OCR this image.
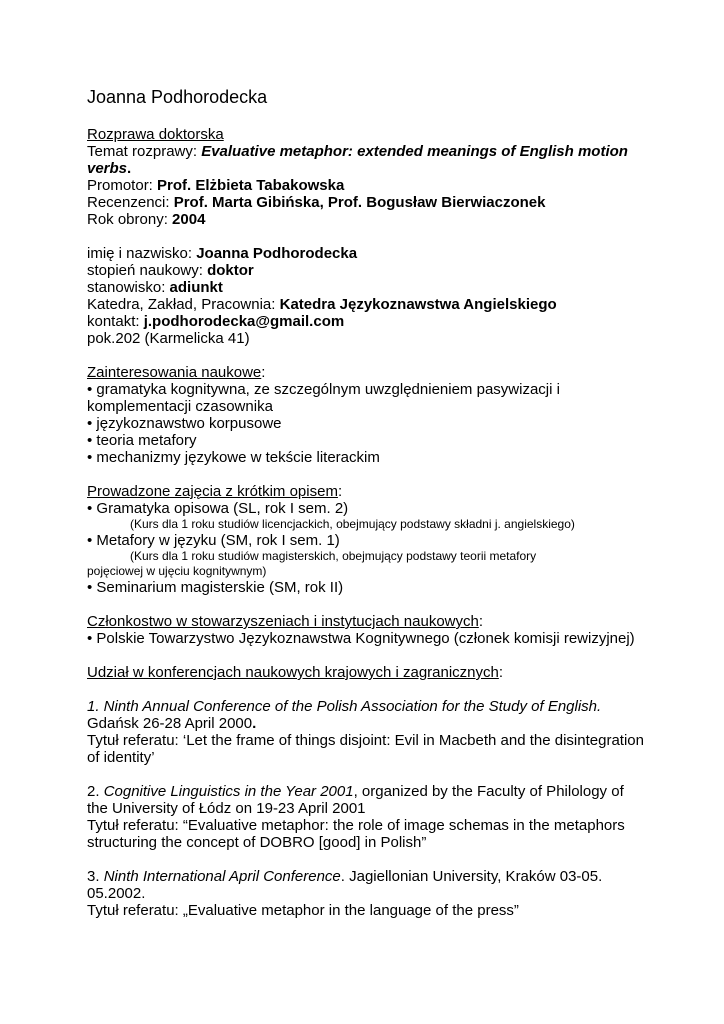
Joanna Podhorodecka

Rozprawa doktorska

Temat rozprawy: Evaluative metaphor: extended meanings of English motion verbs.

Promotor: Prof. Elżbieta Tabakowska

Recenzenci: Prof. Marta Gibińska, Prof. Bogusław Bierwiaczonek

Rok obrony: 2004

imię i nazwisko: Joanna Podhorodecka

stopień naukowy: doktor

stanowisko: adiunkt

Katedra, Zakład, Pracownia: Katedra Językoznawstwa Angielskiego

kontakt: j.podhorodecka@gmail.com

pok.202 (Karmelicka 41)

Zainteresowania naukowe:

• gramatyka kognitywna, ze szczególnym uwzględnieniem pasywizacji i komplementacji czasownika

• językoznawstwo korpusowe

• teoria metafory

• mechanizmy językowe w tekście literackim

Prowadzone zajęcia z krótkim opisem:

• Gramatyka opisowa (SL, rok I sem. 2)

(Kurs dla 1 roku studiów licencjackich, obejmujący podstawy składni j. angielskiego)

• Metafory w języku (SM, rok I sem. 1)

(Kurs dla 1 roku studiów magisterskich, obejmujący podstawy teorii metafory

pojęciowej w ujęciu kognitywnym)

• Seminarium magisterskie (SM, rok II)

Członkostwo w stowarzyszeniach i instytucjach naukowych:

• Polskie Towarzystwo Językoznawstwa Kognitywnego (członek komisji rewizyjnej)

Udział w konferencjach naukowych krajowych i zagranicznych:

1. Ninth Annual Conference of the Polish Association for the Study of English.

Gdańsk 26-28 April 2000.

Tytuł referatu: ‘Let the frame of things disjoint: Evil in Macbeth and the disintegration of identity’

2. Cognitive Linguistics in the Year 2001, organized by the Faculty of Philology of the University of Łódz on 19-23 April 2001

Tytuł referatu: “Evaluative metaphor: the role of image schemas in the metaphors structuring the concept of DOBRO [good] in Polish”

3. Ninth International April Conference. Jagiellonian University, Kraków 03-05. 05.2002.

Tytuł referatu: „Evaluative metaphor in the language of the press”
